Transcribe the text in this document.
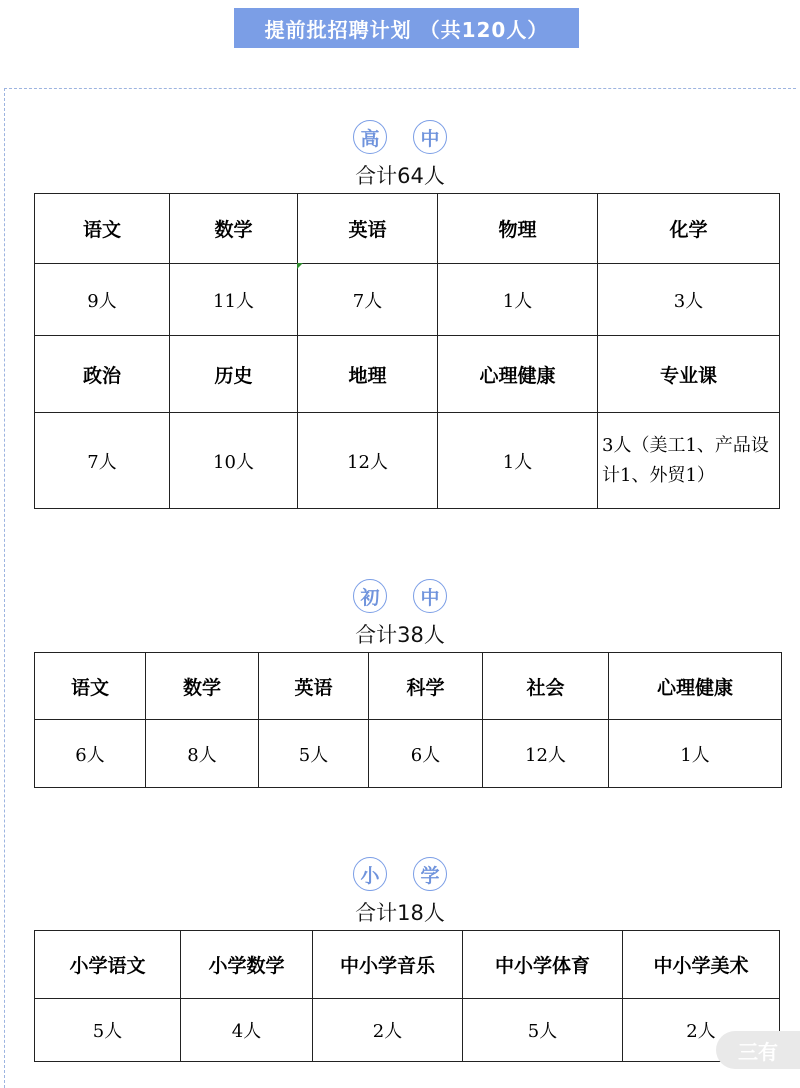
提前批招聘计划 （共120人）
高	中
合计64人
语文	数学	英语	物理	化学
9人	11人	7人	1人	3人
政治	历史	地理	心理健康	专业课
7人	10人	12人	1人	3人（美工1、产品设计1、外贸1）
初	中
合计38人
语文	数学	英语	科学	社会	心理健康
6人	8人	5人	6人	12人	1人
小	学
合计18人
小学语文	小学数学	中小学音乐	中小学体育	中小学美术
5人	4人	2人	5人	2人
三有
